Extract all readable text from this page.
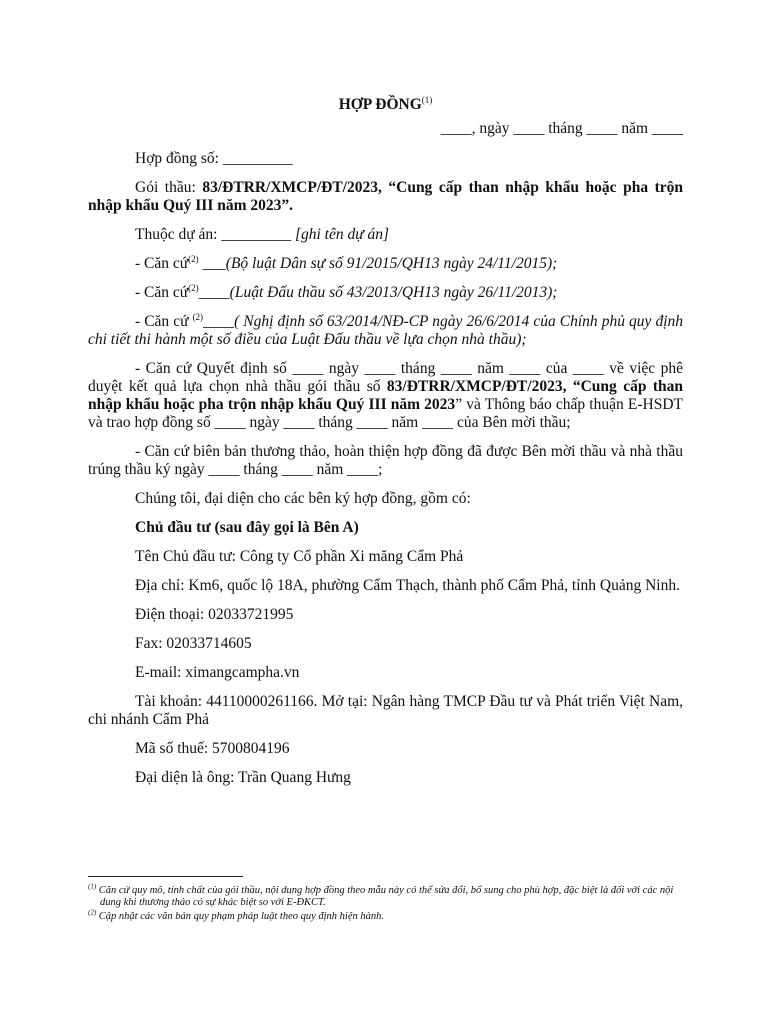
HỢP ĐỒNG$^{(1)}$
____, ngày ____ tháng ____ năm ____

Hợp đồng số: _________

Gói thầu: 83/ĐTRR/XMCP/ĐT/2023, “Cung cấp than nhập khẩu hoặc pha trộn nhập khẩu Quý III năm 2023”.

Thuộc dự án: _________ [ghi tên dự án]

- Căn cứ$^{(2)}$ ___(Bộ luật Dân sự số 91/2015/QH13 ngày 24/11/2015);

- Căn cứ$^{(2)}$____(Luật Đấu thầu số 43/2013/QH13 ngày 26/11/2013);

- Căn cứ $^{(2)}$____( Nghị định số 63/2014/NĐ-CP ngày 26/6/2014 của Chính phủ quy định chi tiết thi hành một số điều của Luật Đấu thầu về lựa chọn nhà thầu);

- Căn cứ Quyết định số ____ ngày ____ tháng ____ năm ____ của ____ về việc phê duyệt kết quả lựa chọn nhà thầu gói thầu số 83/ĐTRR/XMCP/ĐT/2023, “Cung cấp than nhập khẩu hoặc pha trộn nhập khẩu Quý III năm 2023” và Thông báo chấp thuận E-HSDT và trao hợp đồng số ____ ngày ____ tháng ____ năm ____ của Bên mời thầu;

- Căn cứ biên bản thương thảo, hoàn thiện hợp đồng đã được Bên mời thầu và nhà thầu trúng thầu ký ngày ____ tháng ____ năm ____;

Chúng tôi, đại diện cho các bên ký hợp đồng, gồm có:

Chủ đầu tư (sau đây gọi là Bên A)

Tên Chủ đầu tư: Công ty Cổ phần Xi măng Cẩm Phả

Địa chỉ: Km6, quốc lộ 18A, phường Cẩm Thạch, thành phố Cẩm Phả, tỉnh Quảng Ninh.

Điện thoại: 02033721995

Fax: 02033714605

E-mail: ximangcampha.vn

Tài khoản: 44110000261166. Mở tại: Ngân hàng TMCP Đầu tư và Phát triển Việt Nam, chi nhánh Cẩm Phả

Mã số thuế: 5700804196

Đại diện là ông: Trần Quang Hưng

$^{(1)}$ Căn cứ quy mô, tính chất của gói thầu, nội dung hợp đồng theo mẫu này có thể sửa đổi, bổ sung cho phù hợp, đặc biệt là đối với các nội dung khi thương thảo có sự khác biệt so với E-ĐKCT.
$^{(2)}$ Cập nhật các văn bản quy phạm pháp luật theo quy định hiện hành.
